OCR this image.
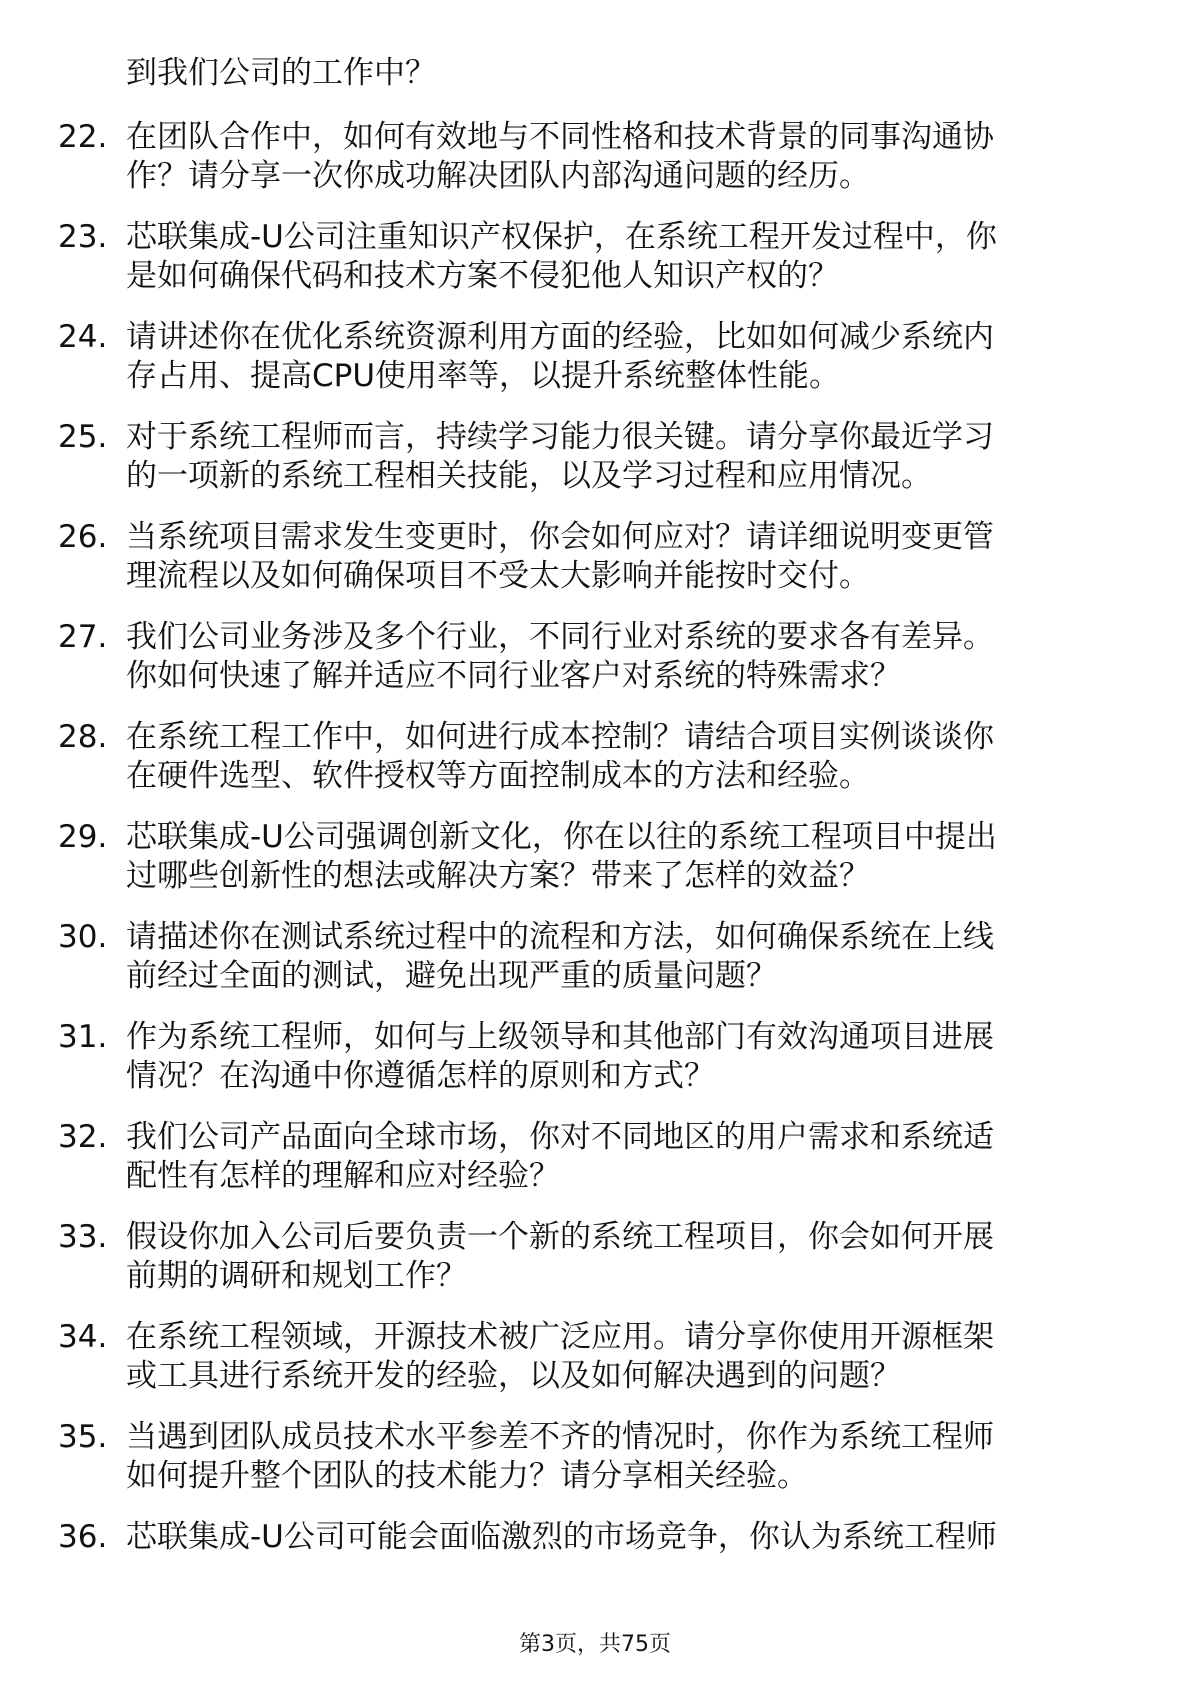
到我们公司的工作中？
22. 在团队合作中，如何有效地与不同性格和技术背景的同事沟通协
作？请分享一次你成功解决团队内部沟通问题的经历。
23. 芯联集成-U公司注重知识产权保护，在系统工程开发过程中，你
是如何确保代码和技术方案不侵犯他人知识产权的？
24. 请讲述你在优化系统资源利用方面的经验，比如如何减少系统内
存占用、提高CPU使用率等，以提升系统整体性能。
25. 对于系统工程师而言，持续学习能力很关键。请分享你最近学习
的一项新的系统工程相关技能，以及学习过程和应用情况。
26. 当系统项目需求发生变更时，你会如何应对？请详细说明变更管
理流程以及如何确保项目不受太大影响并能按时交付。
27. 我们公司业务涉及多个行业，不同行业对系统的要求各有差异。
你如何快速了解并适应不同行业客户对系统的特殊需求？
28. 在系统工程工作中，如何进行成本控制？请结合项目实例谈谈你
在硬件选型、软件授权等方面控制成本的方法和经验。
29. 芯联集成-U公司强调创新文化，你在以往的系统工程项目中提出
过哪些创新性的想法或解决方案？带来了怎样的效益？
30. 请描述你在测试系统过程中的流程和方法，如何确保系统在上线
前经过全面的测试，避免出现严重的质量问题？
31. 作为系统工程师，如何与上级领导和其他部门有效沟通项目进展
情况？在沟通中你遵循怎样的原则和方式？
32. 我们公司产品面向全球市场，你对不同地区的用户需求和系统适
配性有怎样的理解和应对经验？
33. 假设你加入公司后要负责一个新的系统工程项目，你会如何开展
前期的调研和规划工作？
34. 在系统工程领域，开源技术被广泛应用。请分享你使用开源框架
或工具进行系统开发的经验，以及如何解决遇到的问题？
35. 当遇到团队成员技术水平参差不齐的情况时，你作为系统工程师
如何提升整个团队的技术能力？请分享相关经验。
36. 芯联集成-U公司可能会面临激烈的市场竞争，你认为系统工程师
第3页，共75页
